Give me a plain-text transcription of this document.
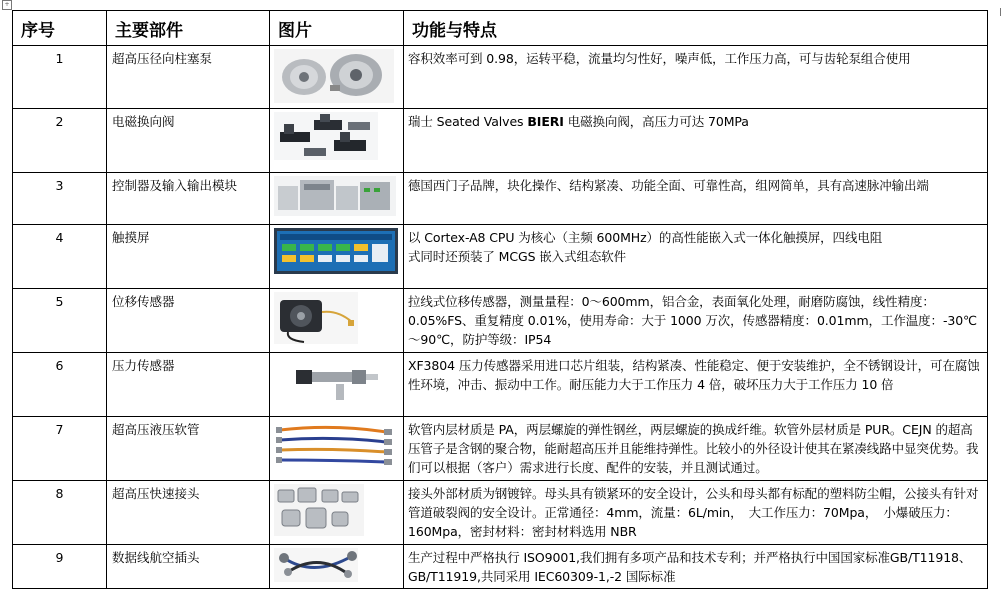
+
序号	主要部件	图片	功能与特点
1	超高压径向柱塞泵		容积效率可到 0.98，运转平稳，流量均匀性好，噪声低，工作压力高，可与齿轮泵组合使用
2	电磁换向阀		瑞士 Seated Valves BIERI 电磁换向阀，高压力可达 70MPa
3	控制器及输入输出模块		德国西门子品牌，块化操作、结构紧凑、功能全面、可靠性高，组网简单，具有高速脉冲输出端
4	触摸屏		以 Cortex-A8 CPU 为核心（主频 600MHz）的高性能嵌入式一体化触摸屏，四线电阻
式同时还预装了 MCGS 嵌入式组态软件

5	位移传感器		拉线式位移传感器，测量量程：0～600mm，铝合金，表面氧化处理，耐磨防腐蚀，线性精度：0.05%FS、重复精度 0.01%，使用寿命：大于 1000 万次，传感器精度：0.01mm，工作温度：-30℃～90℃，防护等级：IP54
6	压力传感器		XF3804 压力传感器采用进口芯片组装，结构紧凑、性能稳定、便于安装维护，全不锈钢设计，可在腐蚀性环境，冲击、振动中工作。耐压能力大于工作压力 4 倍，破坏压力大于工作压力 10 倍
7	超高压液压软管		软管内层材质是 PA，两层螺旋的弹性钢丝，两层螺旋的换成纤维。软管外层材质是 PUR。CEJN 的超高压管子是含钢的聚合物，能耐超高压并且能维持弹性。比较小的外径设计使其在紧凑线路中显突优势。我们可以根据（客户）需求进行长度、配件的安装，并且测试通过。
8	超高压快速接头		接头外部材质为钢镀锌。母头具有锁紧环的安全设计，公头和母头都有标配的塑料防尘帽，公接头有针对管道破裂阀的安全设计。正常通径：4mm，流量：6L/min，　大工作压力：70Mpa，　小爆破压力：160Mpa，密封材料：密封材料选用 NBR
9	数据线航空插头		生产过程中严格执行 ISO9001,我们拥有多项产品和技术专利；并严格执行中国国家标准GB/T11918、GB/T11919,共同采用 IEC60309-1,-2 国际标准
